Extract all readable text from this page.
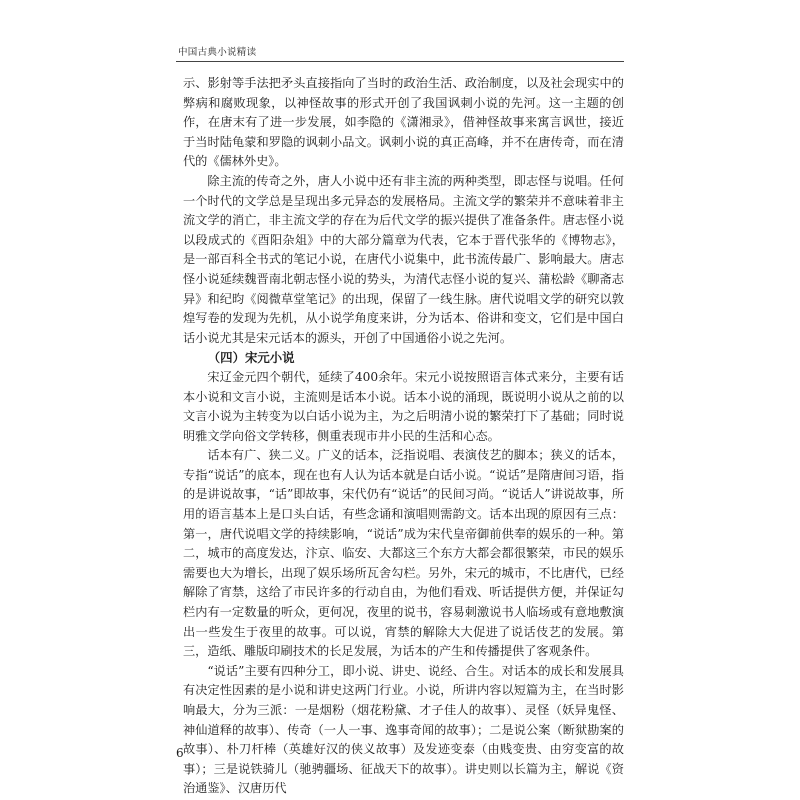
中国古典小说精读

示、影射等手法把矛头直接指向了当时的政治生活、政治制度，以及社会现实中的弊病和腐败现象，以神怪故事的形式开创了我国讽刺小说的先河。这一主题的创作，在唐末有了进一步发展，如李隐的《潇湘录》，借神怪故事来寓言讽世，接近于当时陆龟蒙和罗隐的讽刺小品文。讽刺小说的真正高峰，并不在唐传奇，而在清代的《儒林外史》。

除主流的传奇之外，唐人小说中还有非主流的两种类型，即志怪与说唱。任何一个时代的文学总是呈现出多元异态的发展格局。主流文学的繁荣并不意味着非主流文学的消亡，非主流文学的存在为后代文学的振兴提供了准备条件。唐志怪小说以段成式的《酉阳杂俎》中的大部分篇章为代表，它本于晋代张华的《博物志》，是一部百科全书式的笔记小说，在唐代小说集中，此书流传最广、影响最大。唐志怪小说延续魏晋南北朝志怪小说的势头，为清代志怪小说的复兴、蒲松龄《聊斋志异》和纪昀《阅微草堂笔记》的出现，保留了一线生脉。唐代说唱文学的研究以敦煌写卷的发现为先机，从小说学角度来讲，分为话本、俗讲和变文，它们是中国白话小说尤其是宋元话本的源头，开创了中国通俗小说之先河。

（四）宋元小说

宋辽金元四个朝代，延续了400余年。宋元小说按照语言体式来分，主要有话本小说和文言小说，主流则是话本小说。话本小说的涌现，既说明小说从之前的以文言小说为主转变为以白话小说为主，为之后明清小说的繁荣打下了基础；同时说明雅文学向俗文学转移，侧重表现市井小民的生活和心态。

话本有广、狭二义。广义的话本，泛指说唱、表演伎艺的脚本；狭义的话本，专指“说话”的底本，现在也有人认为话本就是白话小说。“说话”是隋唐间习语，指的是讲说故事，“话”即故事，宋代仍有“说话”的民间习尚。“说话人”讲说故事，所用的语言基本上是口头白话，有些念诵和演唱则需韵文。话本出现的原因有三点：第一，唐代说唱文学的持续影响，“说话”成为宋代皇帝御前供奉的娱乐的一种。第二，城市的高度发达，汴京、临安、大都这三个东方大都会都很繁荣，市民的娱乐需要也大为增长，出现了娱乐场所瓦舍勾栏。另外，宋元的城市，不比唐代，已经解除了宵禁，这给了市民许多的行动自由，为他们看戏、听话提供方便，并保证勾栏内有一定数量的听众，更何况，夜里的说书，容易刺激说书人临场或有意地敷演出一些发生于夜里的故事。可以说，宵禁的解除大大促进了说话伎艺的发展。第三，造纸、雕版印刷技术的长足发展，为话本的产生和传播提供了客观条件。

“说话”主要有四种分工，即小说、讲史、说经、合生。对话本的成长和发展具有决定性因素的是小说和讲史这两门行业。小说，所讲内容以短篇为主，在当时影响最大，分为三派：一是烟粉（烟花粉黛、才子佳人的故事）、灵怪（妖异鬼怪、神仙道释的故事）、传奇（一人一事、逸事奇闻的故事）；二是说公案（断狱勘案的故事）、朴刀杆棒（英雄好汉的侠义故事）及发迹变泰（由贱变贵、由穷变富的故事）；三是说铁骑儿（驰骋疆场、征战天下的故事）。讲史则以长篇为主，解说《资治通鉴》、汉唐历代

6
